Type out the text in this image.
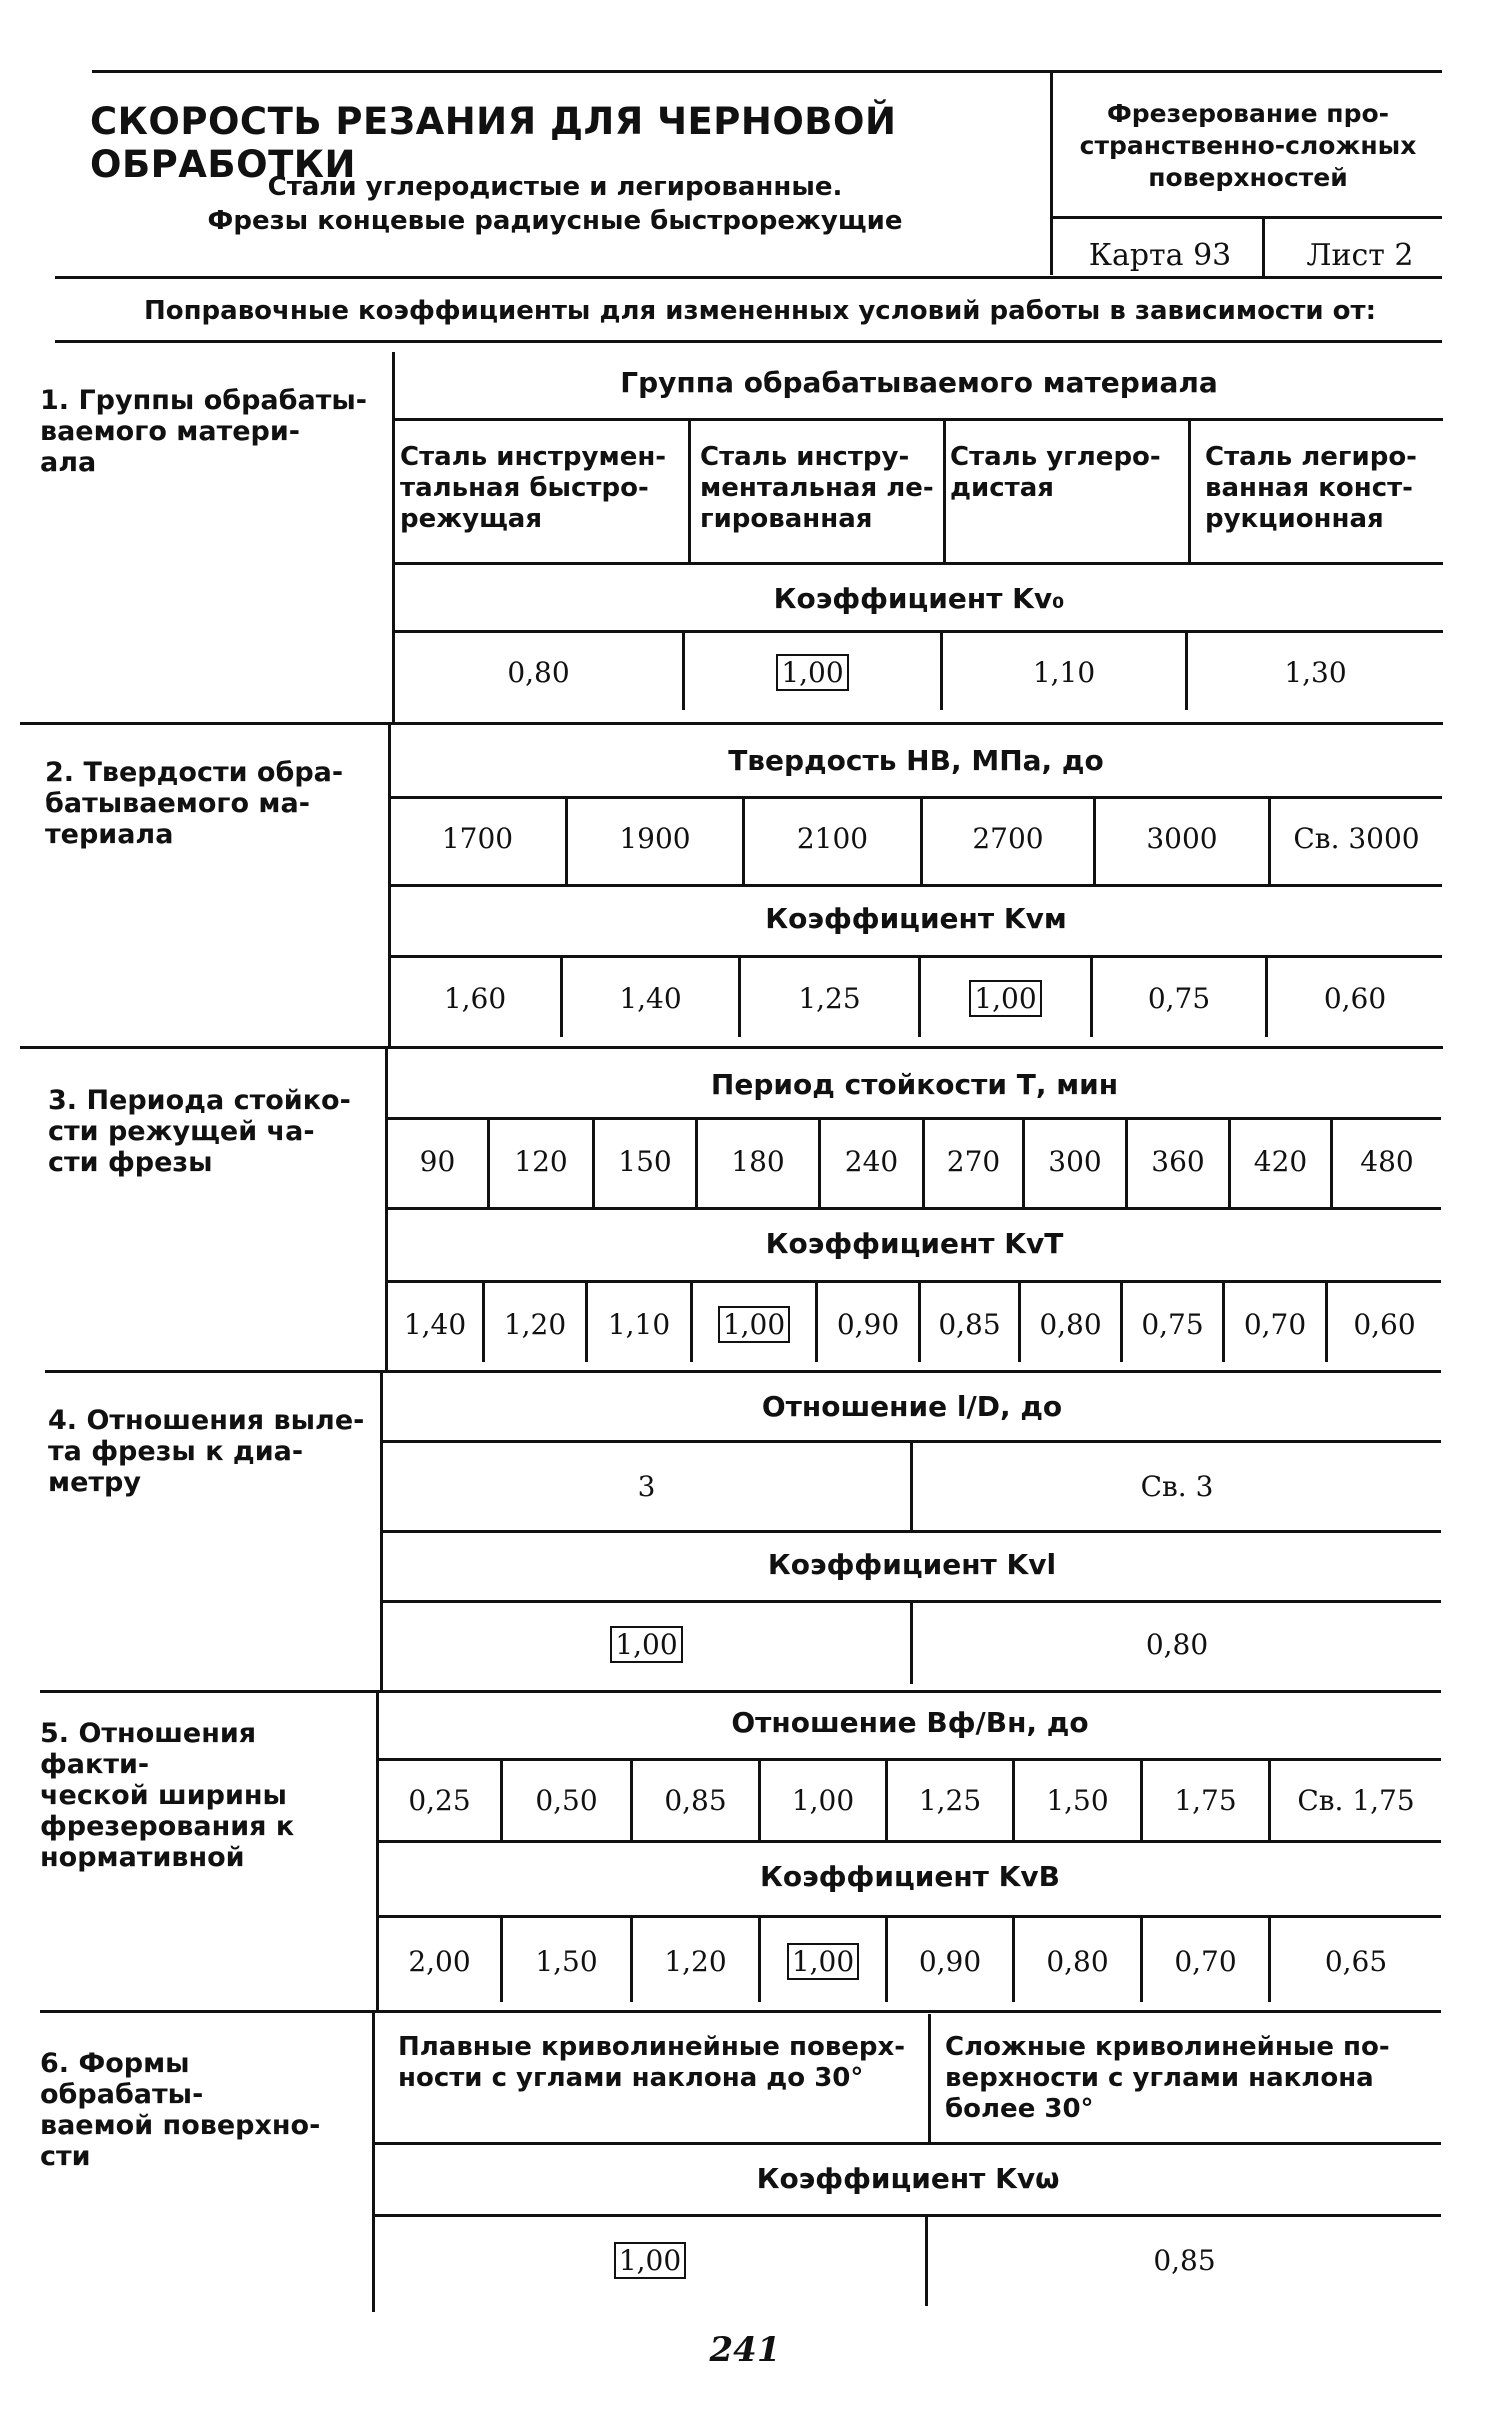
СКОРОСТЬ РЕЗАНИЯ ДЛЯ ЧЕРНОВОЙ ОБРАБОТКИ
Стали углеродистые и легированные.
Фрезы концевые радиусные быстрорежущие
Фрезерование про-
странственно-сложных
поверхностей
Карта 93	Лист 2
Поправочные коэффициенты для измененных условий работы в зависимости от:
1. Группы обрабаты-
ваемого матери-
ала
Группа обрабатываемого материала
Сталь инструмен-
тальная быстро-
режущая
Сталь инстру-
ментальная ле-
гированная
Сталь углеро-
дистая
Сталь легиро-
ванная конст-
рукционная
Коэффициент Kv₀
0,80	1,00	1,10	1,30
2. Твердости обра-
батываемого ма-
териала
Твердость НВ, МПа, до
1700	1900	2100	2700	3000	Св. 3000
Коэффициент Kvм
1,60	1,40	1,25	1,00	0,75	0,60
3. Периода стойко-
сти режущей ча-
сти фрезы
Период стойкости Т, мин
90	120	150	180	240	270	300	360	420	480
Коэффициент KvТ
1,40	1,20	1,10	1,00	0,90	0,85	0,80	0,75	0,70	0,60
4. Отношения выле-
та фрезы к диа-
метру
Отношение l/D, до
3	Св. 3
Коэффициент Kvl
1,00	0,80
5. Отношения факти-
ческой ширины
фрезерования к
нормативной
Отношение Bф/Bн, до
0,25	0,50	0,85	1,00	1,25	1,50	1,75	Св. 1,75
Коэффициент KvB
2,00	1,50	1,20	1,00	0,90	0,80	0,70	0,65
6. Формы обрабаты-
ваемой поверхно-
сти
Плавные криволинейные поверх-
ности с углами наклона до 30°
Сложные криволинейные по-
верхности с углами наклона
более 30°
Коэффициент Kvω
1,00	0,85
241
